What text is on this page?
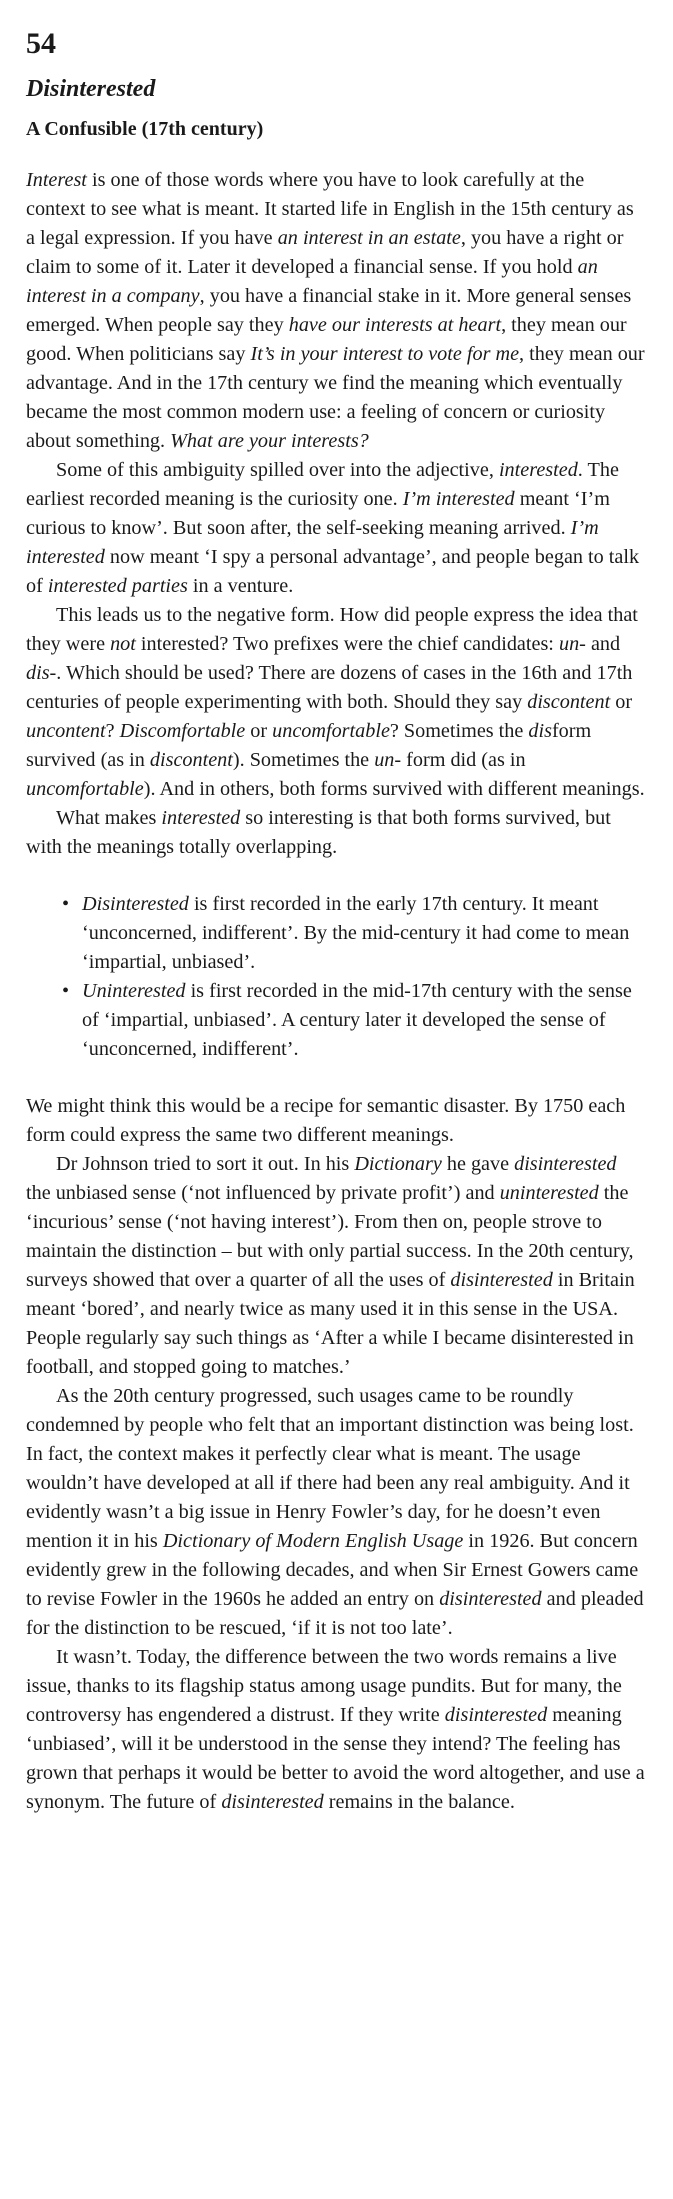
54
Disinterested
A Confusible (17th century)

Interest is one of those words where you have to look carefully at the context to see what is meant. It started life in English in the 15th century as a legal expression. If you have an interest in an estate, you have a right or claim to some of it. Later it developed a financial sense. If you hold an interest in a company, you have a financial stake in it. More general senses emerged. When people say they have our interests at heart, they mean our good. When politicians say It’s in your interest to vote for me, they mean our advantage. And in the 17th century we find the meaning which eventually became the most common modern use: a feeling of concern or curiosity about something. What are your interests?

Some of this ambiguity spilled over into the adjective, interested. The earliest recorded meaning is the curiosity one. I’m interested meant ‘I’m curious to know’. But soon after, the self-seeking meaning arrived. I’m interested now meant ‘I spy a personal advantage’, and people began to talk of interested parties in a venture.

This leads us to the negative form. How did people express the idea that they were not interested? Two prefixes were the chief candidates: un- and dis-. Which should be used? There are dozens of cases in the 16th and 17th centuries of people experimenting with both. Should they say discontent or uncontent? Discomfortable or uncomfortable? Sometimes the disform survived (as in discontent). Sometimes the un- form did (as in uncomfortable). And in others, both forms survived with different meanings.

What makes interested so interesting is that both forms survived, but with the meanings totally overlapping.

• Disinterested is first recorded in the early 17th century. It meant ‘unconcerned, indifferent’. By the mid-century it had come to mean ‘impartial, unbiased’.
• Uninterested is first recorded in the mid-17th century with the sense of ‘impartial, unbiased’. A century later it developed the sense of ‘unconcerned, indifferent’.

We might think this would be a recipe for semantic disaster. By 1750 each form could express the same two different meanings.

Dr Johnson tried to sort it out. In his Dictionary he gave disinterested the unbiased sense (‘not influenced by private profit’) and uninterested the ‘incurious’ sense (‘not having interest’). From then on, people strove to maintain the distinction – but with only partial success. In the 20th century, surveys showed that over a quarter of all the uses of disinterested in Britain meant ‘bored’, and nearly twice as many used it in this sense in the USA. People regularly say such things as ‘After a while I became disinterested in football, and stopped going to matches.’

As the 20th century progressed, such usages came to be roundly condemned by people who felt that an important distinction was being lost. In fact, the context makes it perfectly clear what is meant. The usage wouldn’t have developed at all if there had been any real ambiguity. And it evidently wasn’t a big issue in Henry Fowler’s day, for he doesn’t even mention it in his Dictionary of Modern English Usage in 1926. But concern evidently grew in the following decades, and when Sir Ernest Gowers came to revise Fowler in the 1960s he added an entry on disinterested and pleaded for the distinction to be rescued, ‘if it is not too late’.

It wasn’t. Today, the difference between the two words remains a live issue, thanks to its flagship status among usage pundits. But for many, the controversy has engendered a distrust. If they write disinterested meaning ‘unbiased’, will it be understood in the sense they intend? The feeling has grown that perhaps it would be better to avoid the word altogether, and use a synonym. The future of disinterested remains in the balance.
